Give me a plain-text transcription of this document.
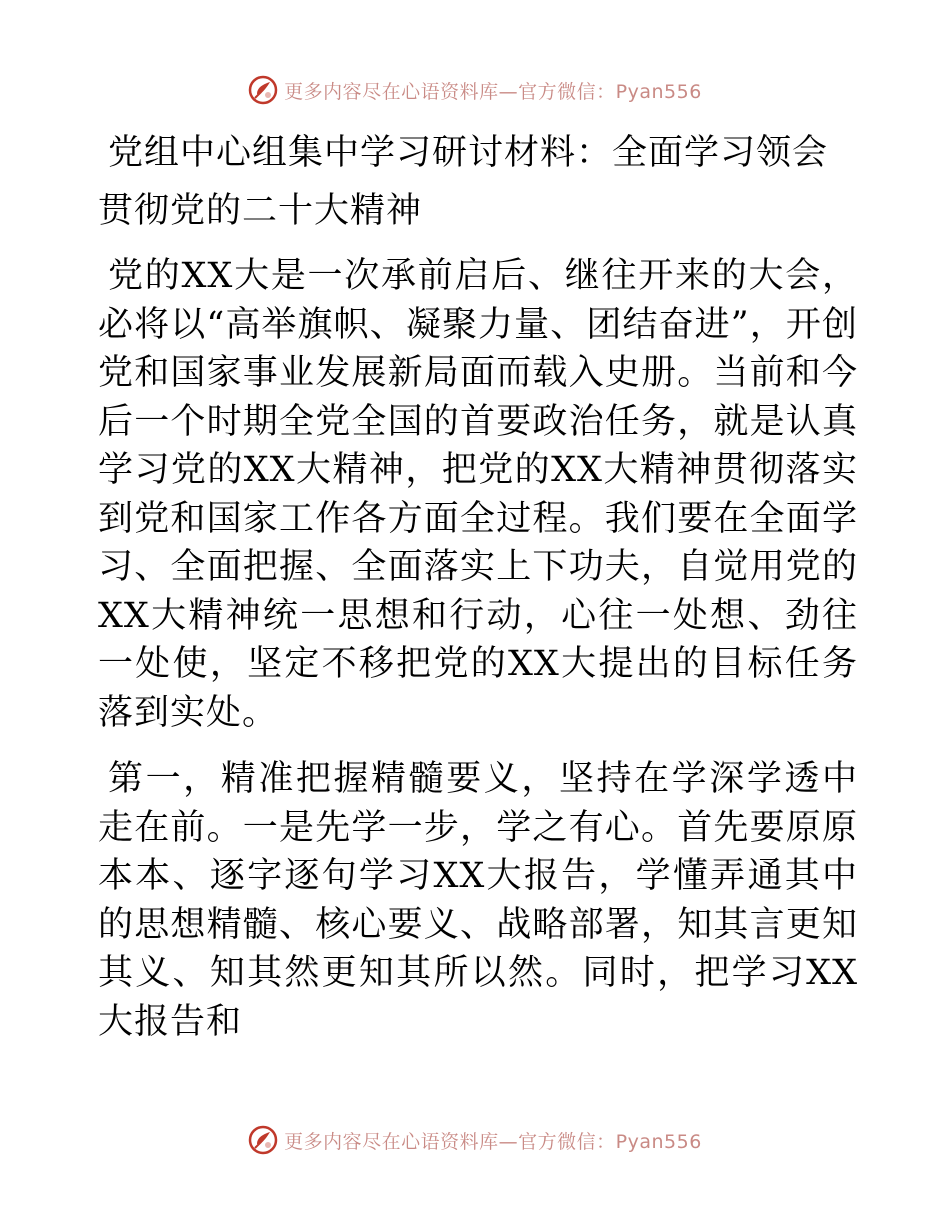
更多内容尽在心语资料库—官方微信：Pyan556
党组中心组集中学习研讨材料：全面学习领会贯彻党的二十大精神

党的XX大是一次承前启后、继往开来的大会，必将以“高举旗帜、凝聚力量、团结奋进”，开创党和国家事业发展新局面而载入史册。当前和今后一个时期全党全国的首要政治任务，就是认真学习党的XX大精神，把党的XX大精神贯彻落实到党和国家工作各方面全过程。我们要在全面学习、全面把握、全面落实上下功夫，自觉用党的XX大精神统一思想和行动，心往一处想、劲往一处使，坚定不移把党的XX大提出的目标任务落到实处。

第一，精准把握精髓要义，坚持在学深学透中走在前。一是先学一步，学之有心。首先要原原本本、逐字逐句学习XX大报告，学懂弄通其中的思想精髓、核心要义、战略部署，知其言更知其义、知其然更知其所以然。同时，把学习XX大报告和

更多内容尽在心语资料库—官方微信：Pyan556
